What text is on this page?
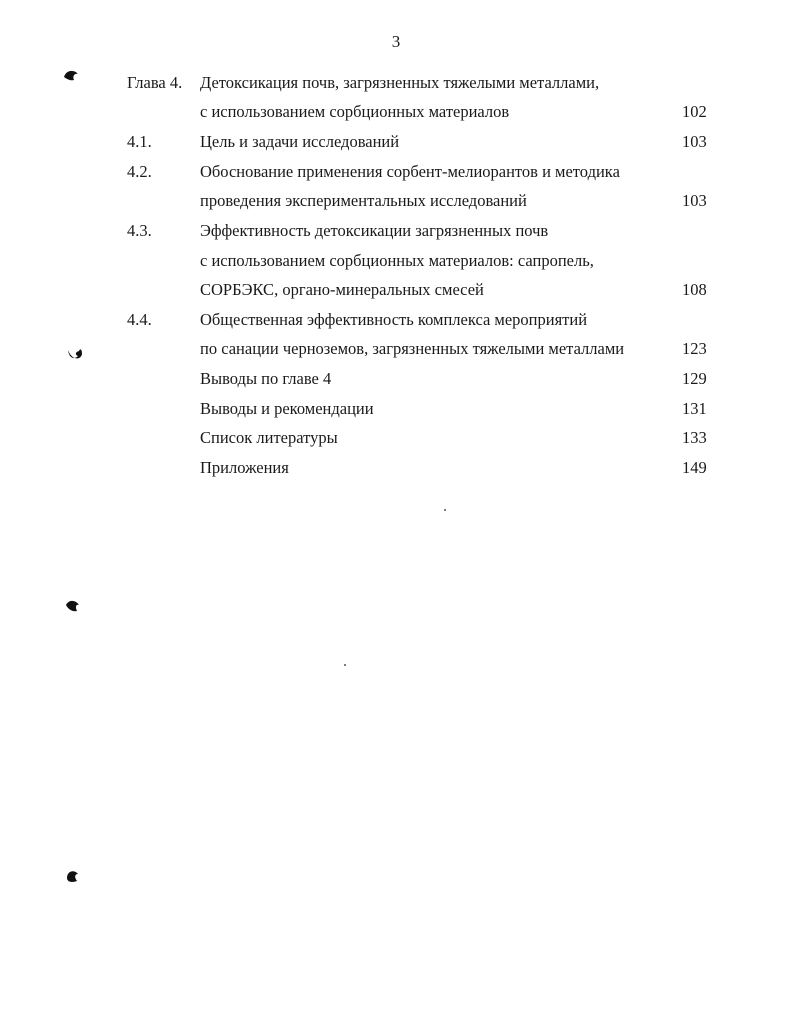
3
Глава 4. Детоксикация почв, загрязненных тяжелыми металлами,
с использованием сорбционных материалов	102
4.1.	Цель и задачи исследований	103
4.2.	Обоснование применения сорбент-мелиорантов и методика
проведения экспериментальных исследований	103
4.3.	Эффективность детоксикации загрязненных почв
с использованием сорбционных материалов: сапропель,
СОРБЭКС, органо-минеральных смесей	108
4.4.	Общественная эффективность комплекса мероприятий
по санации черноземов, загрязненных тяжелыми металлами	123
Выводы по главе 4	129
Выводы и рекомендации	131
Список литературы	133
Приложения	149
